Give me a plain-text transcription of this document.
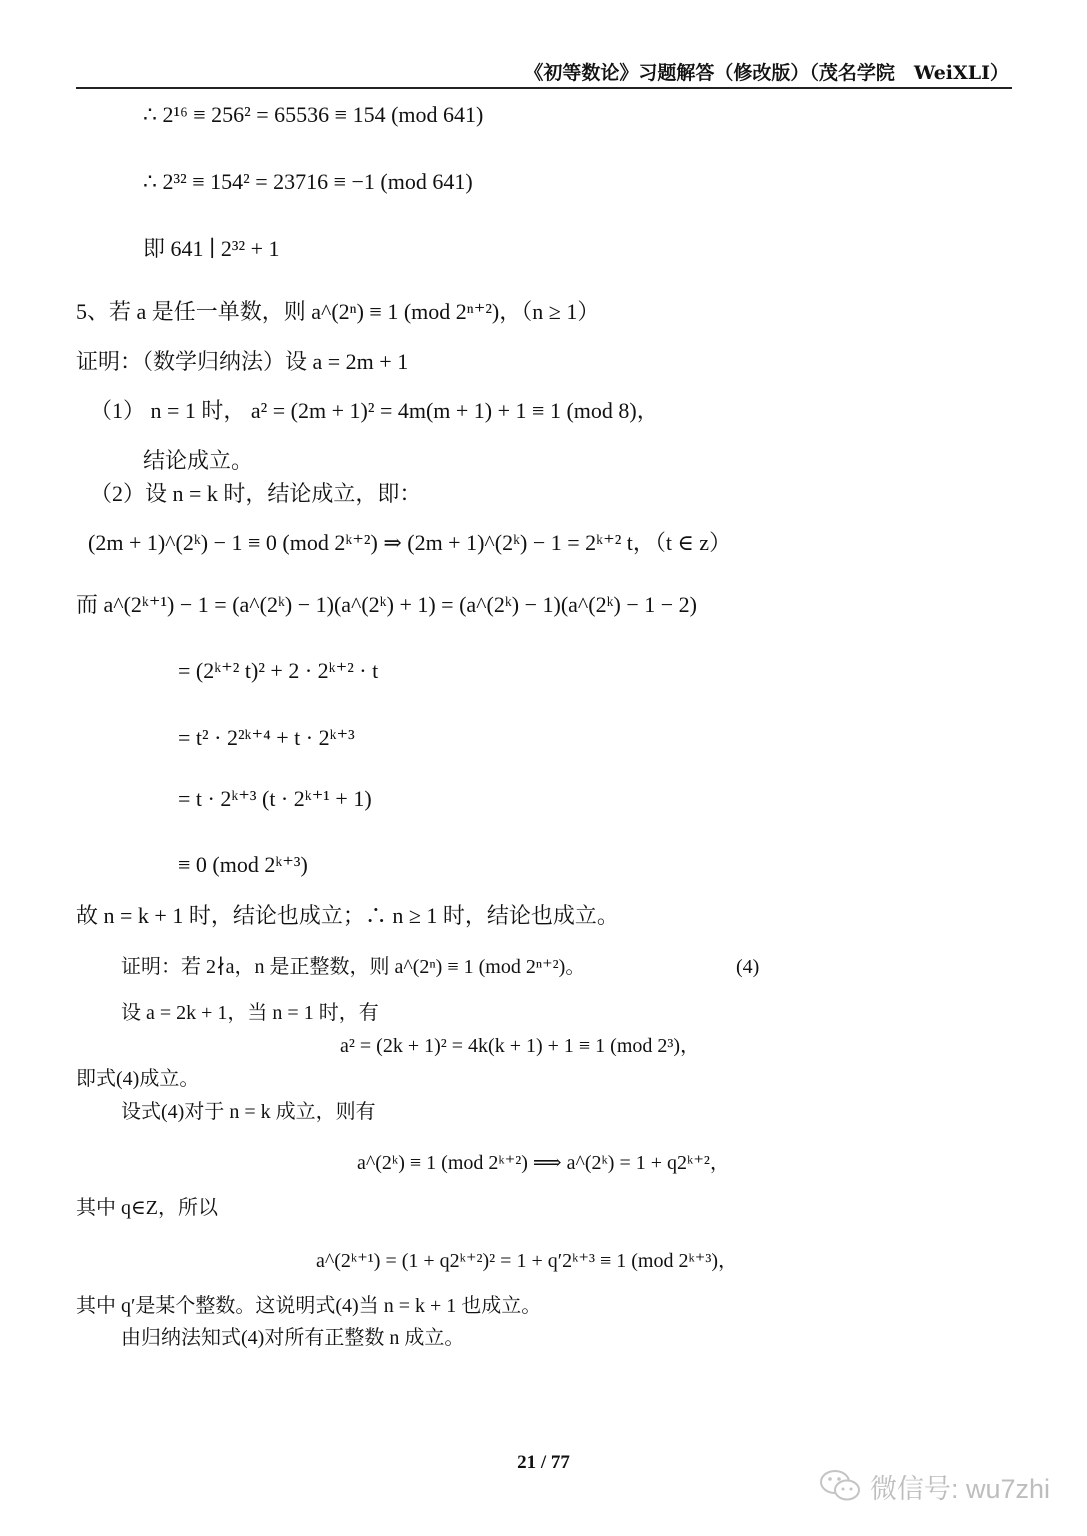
《初等数论》习题解答（修改版）（茂名学院　WeiXLI）
∴ 2¹⁶ ≡ 256² = 65536 ≡ 154 (mod 641)
∴ 2³² ≡ 154² = 23716 ≡ −1 (mod 641)
即 641 ∣ 2³² + 1
5、若 a 是任一单数，则 a^(2ⁿ) ≡ 1 (mod 2ⁿ⁺²)，（n ≥ 1）
证明：（数学归纳法）设 a = 2m + 1
（1） n = 1 时， a² = (2m + 1)² = 4m(m + 1) + 1 ≡ 1 (mod 8)，
结论成立。
（2）设 n = k 时，结论成立，即：
(2m + 1)^(2ᵏ) − 1 ≡ 0 (mod 2ᵏ⁺²) ⇒ (2m + 1)^(2ᵏ) − 1 = 2ᵏ⁺² t，（t ∈ z）
而 a^(2ᵏ⁺¹) − 1 = (a^(2ᵏ) − 1)(a^(2ᵏ) + 1) = (a^(2ᵏ) − 1)(a^(2ᵏ) − 1 − 2)
= (2ᵏ⁺² t)² + 2 · 2ᵏ⁺² · t
= t² · 2²ᵏ⁺⁴ + t · 2ᵏ⁺³
= t · 2ᵏ⁺³ (t · 2ᵏ⁺¹ + 1)
≡ 0 (mod 2ᵏ⁺³)
故 n = k + 1 时，结论也成立；∴ n ≥ 1 时，结论也成立。
证明：若 2∤a，n 是正整数，则 a^(2ⁿ) ≡ 1 (mod 2ⁿ⁺²)。	(4)
设 a = 2k + 1，当 n = 1 时，有
a² = (2k + 1)² = 4k(k + 1) + 1 ≡ 1 (mod 2³)，
即式(4)成立。
设式(4)对于 n = k 成立，则有
a^(2ᵏ) ≡ 1 (mod 2ᵏ⁺²) ⟹ a^(2ᵏ) = 1 + q2ᵏ⁺²，
其中 q∈Z，所以
a^(2ᵏ⁺¹) = (1 + q2ᵏ⁺²)² = 1 + q′2ᵏ⁺³ ≡ 1 (mod 2ᵏ⁺³)，
其中 q′是某个整数。这说明式(4)当 n = k + 1 也成立。
由归纳法知式(4)对所有正整数 n 成立。
21 / 77
微信号: wu7zhi
